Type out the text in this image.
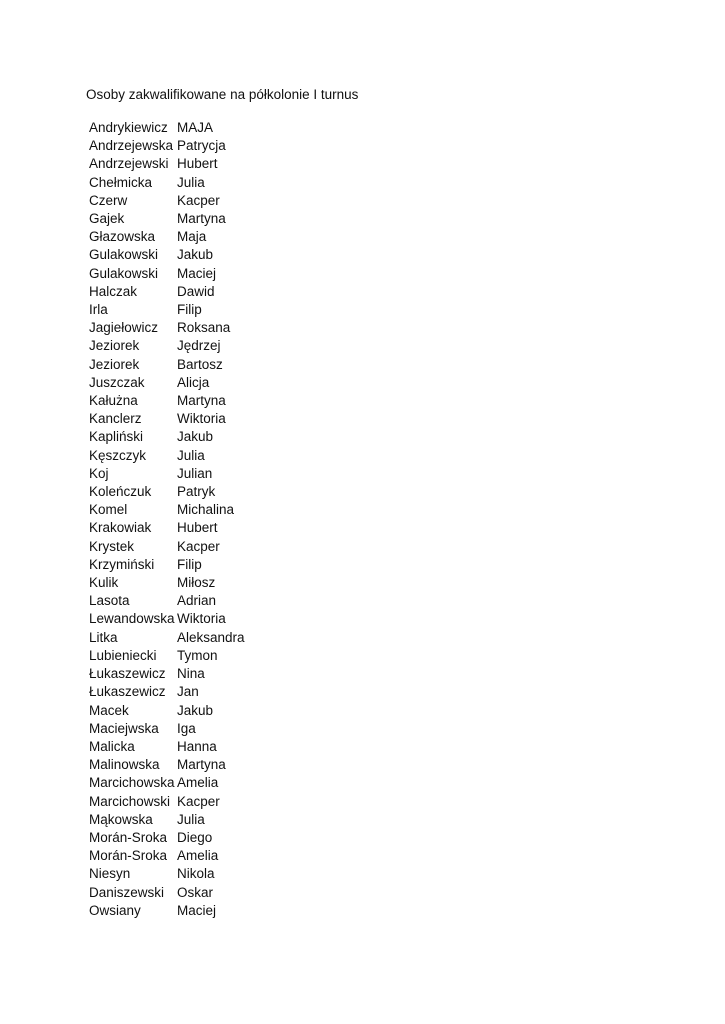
Osoby zakwalifikowane na półkolonie I turnus
Andrykiewicz	MAJA
Andrzejewska	Patrycja
Andrzejewski	Hubert
Chełmicka	Julia
Czerw	Kacper
Gajek	Martyna
Głazowska	Maja
Gulakowski	Jakub
Gulakowski	Maciej
Halczak	Dawid
Irla	Filip
Jagiełowicz	Roksana
Jeziorek	Jędrzej
Jeziorek	Bartosz
Juszczak	Alicja
Kałużna	Martyna
Kanclerz	Wiktoria
Kapliński	Jakub
Kęszczyk	Julia
Koj	Julian
Koleńczuk	Patryk
Komel	Michalina
Krakowiak	Hubert
Krystek	Kacper
Krzymiński	Filip
Kulik	Miłosz
Lasota	Adrian
Lewandowska	Wiktoria
Litka	Aleksandra
Lubieniecki	Tymon
Łukaszewicz	Nina
Łukaszewicz	Jan
Macek	Jakub
Maciejwska	Iga
Malicka	Hanna
Malinowska	Martyna
Marcichowska	Amelia
Marcichowski	Kacper
Mąkowska	Julia
Morán-Sroka	Diego
Morán-Sroka	Amelia
Niesyn	Nikola
Daniszewski	Oskar
Owsiany	Maciej
